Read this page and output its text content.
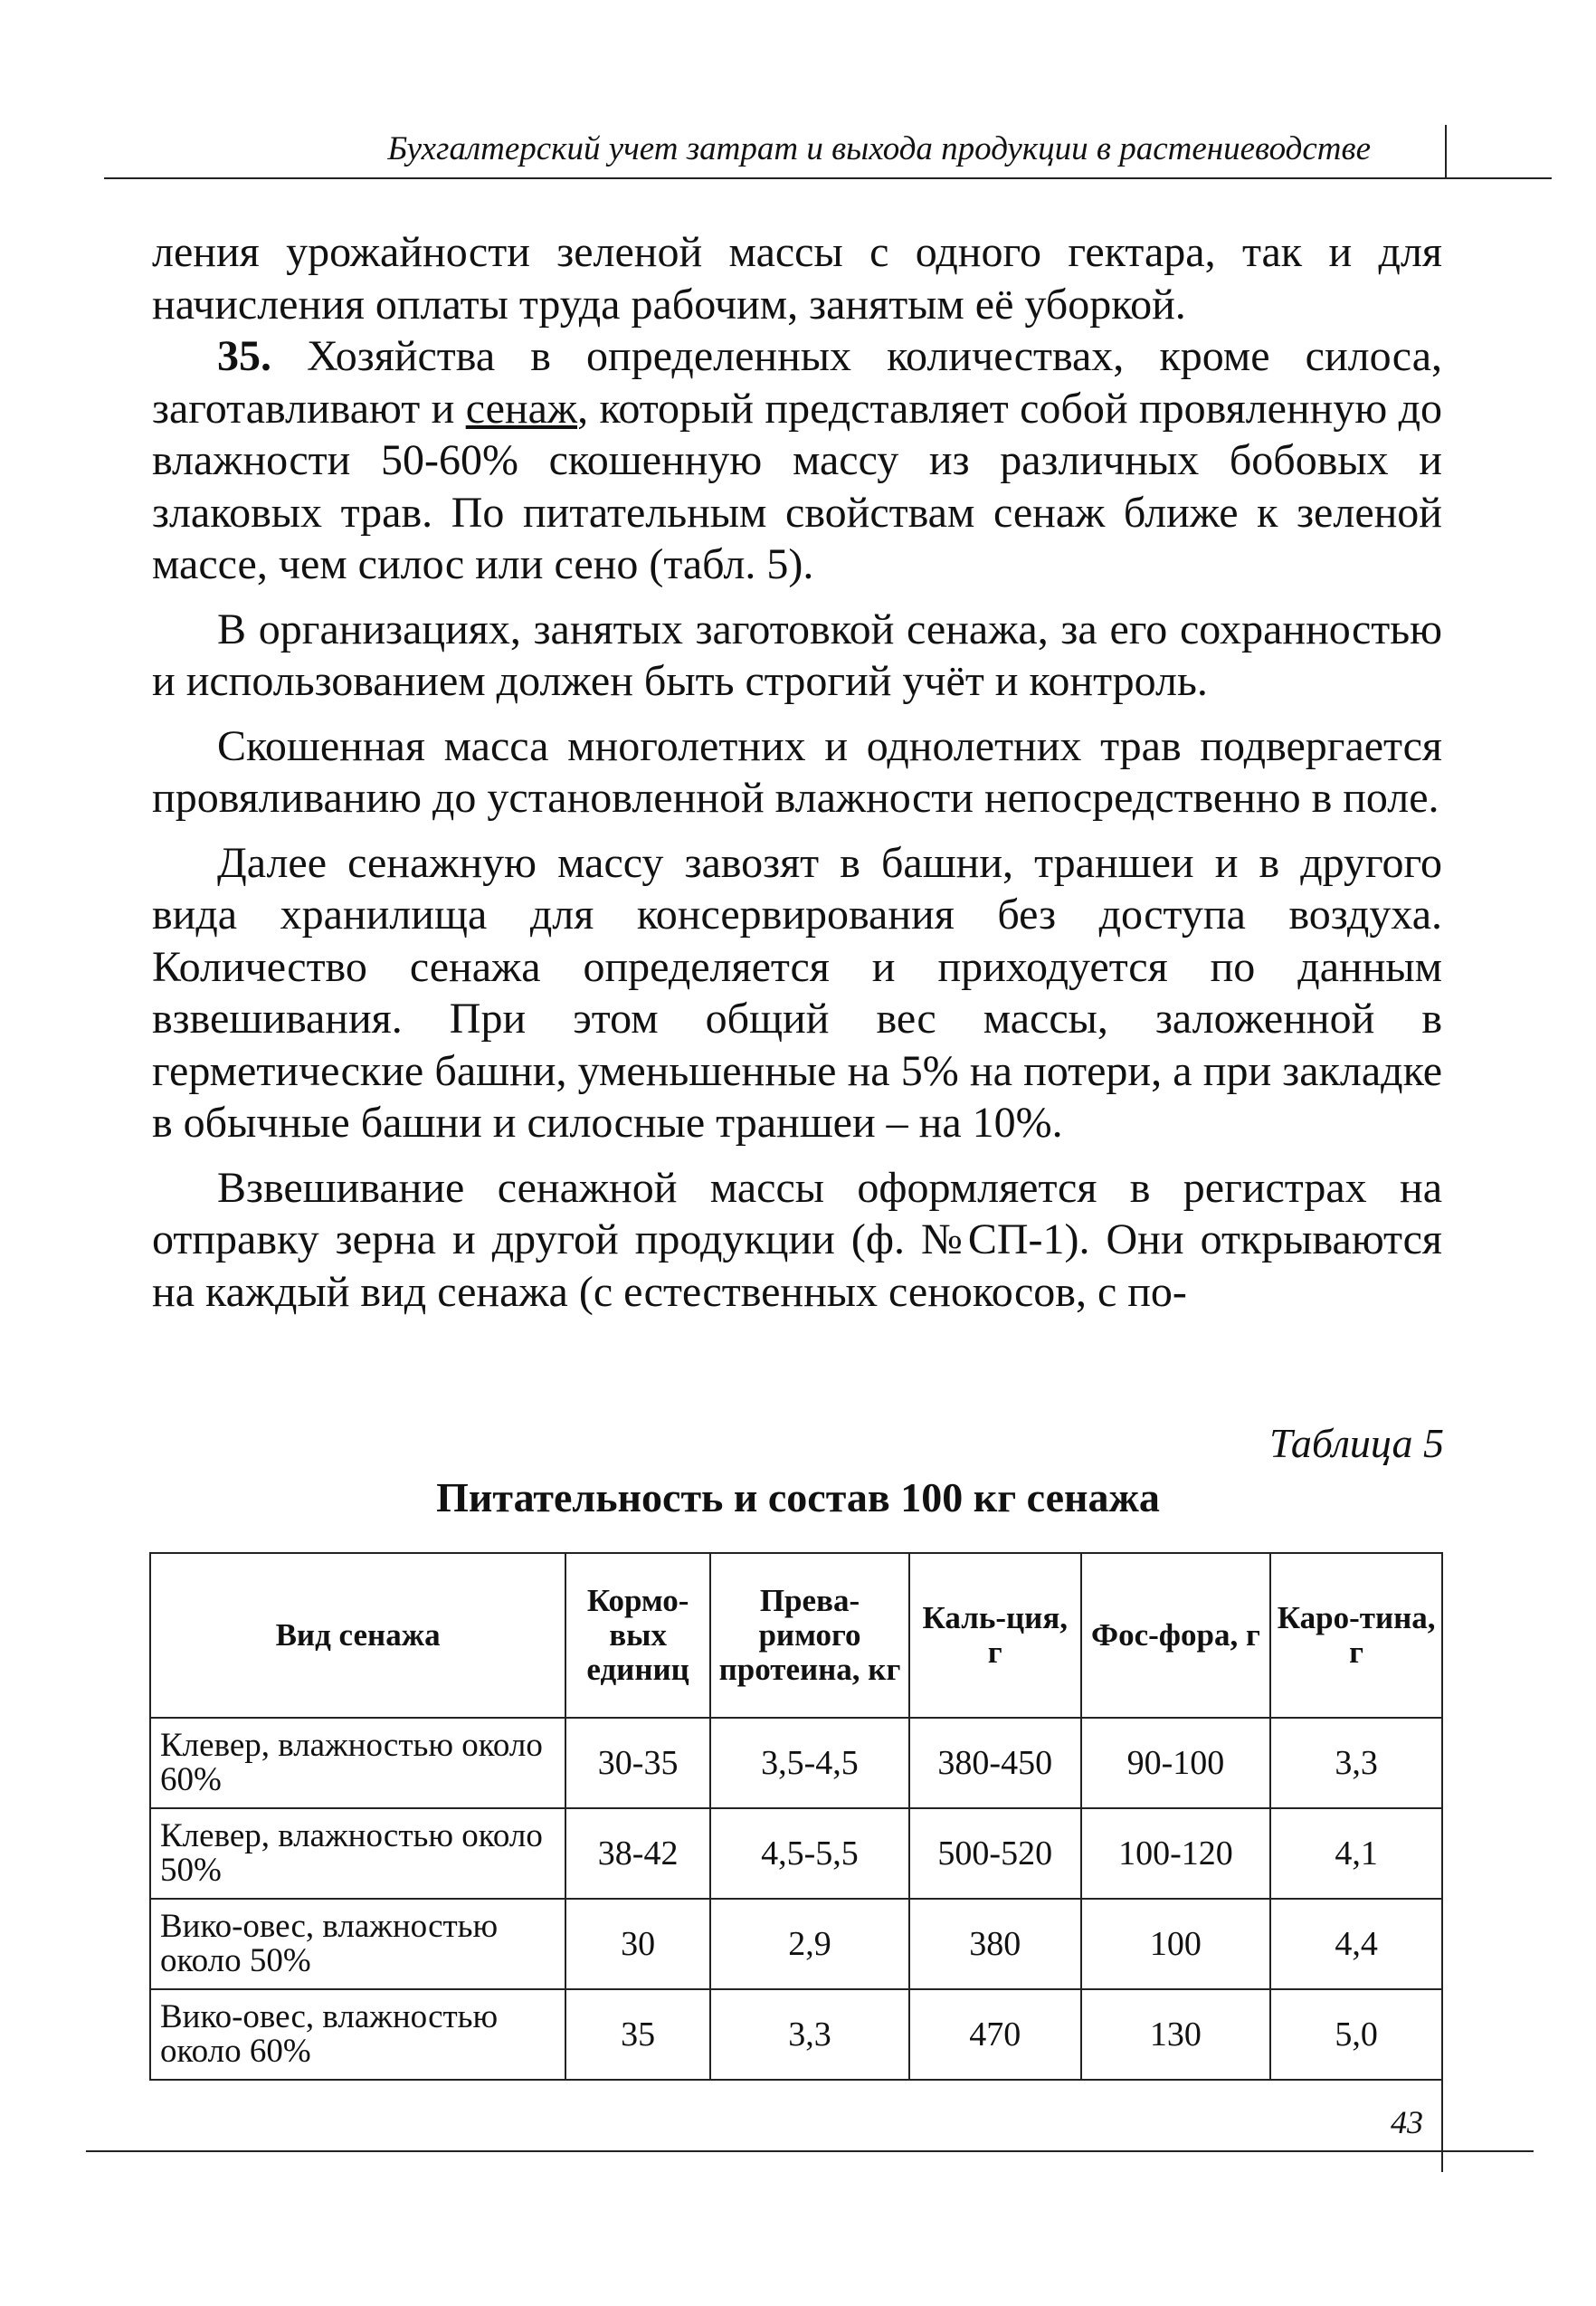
Бухгалтерский учет затрат и выхода продукции в растениеводстве

ления урожайности зеленой массы с одного гектара, так и для начисления оплаты труда рабочим, занятым её уборкой.

35. Хозяйства в определенных количествах, кроме силоса, заготавливают и сенаж, который представляет собой провяленную до влажности 50-60% скошенную массу из различных бобовых и злаковых трав. По питательным свойствам сенаж ближе к зеленой массе, чем силос или сено (табл. 5).

В организациях, занятых заготовкой сенажа, за его сохранностью и использованием должен быть строгий учёт и контроль.

Скошенная масса многолетних и однолетних трав подвергается провяливанию до установленной влажности непосредственно в поле.

Далее сенажную массу завозят в башни, траншеи и в другого вида хранилища для консервирования без доступа воздуха. Количество сенажа определяется и приходуется по данным взвешивания. При этом общий вес массы, заложенной в герметические башни, уменьшенные на 5% на потери, а при закладке в обычные башни и силосные траншеи – на 10%.

Взвешивание сенажной массы оформляется в регистрах на отправку зерна и другой продукции (ф. №СП-1). Они открываются на каждый вид сенажа (с естественных сенокосов, с по-

Таблица 5
Питательность и состав 100 кг сенажа
Вид сенажа	Кормо-вых единиц	Прева-римого протеина, кг	Каль-ция, г	Фос-фора, г	Каро-тина, г
Клевер, влажностью около 60%	30-35	3,5-4,5	380-450	90-100	3,3
Клевер, влажностью около 50%	38-42	4,5-5,5	500-520	100-120	4,1
Вико-овес, влажностью около 50%	30	2,9	380	100	4,4
Вико-овес, влажностью около 60%	35	3,3	470	130	5,0
43
